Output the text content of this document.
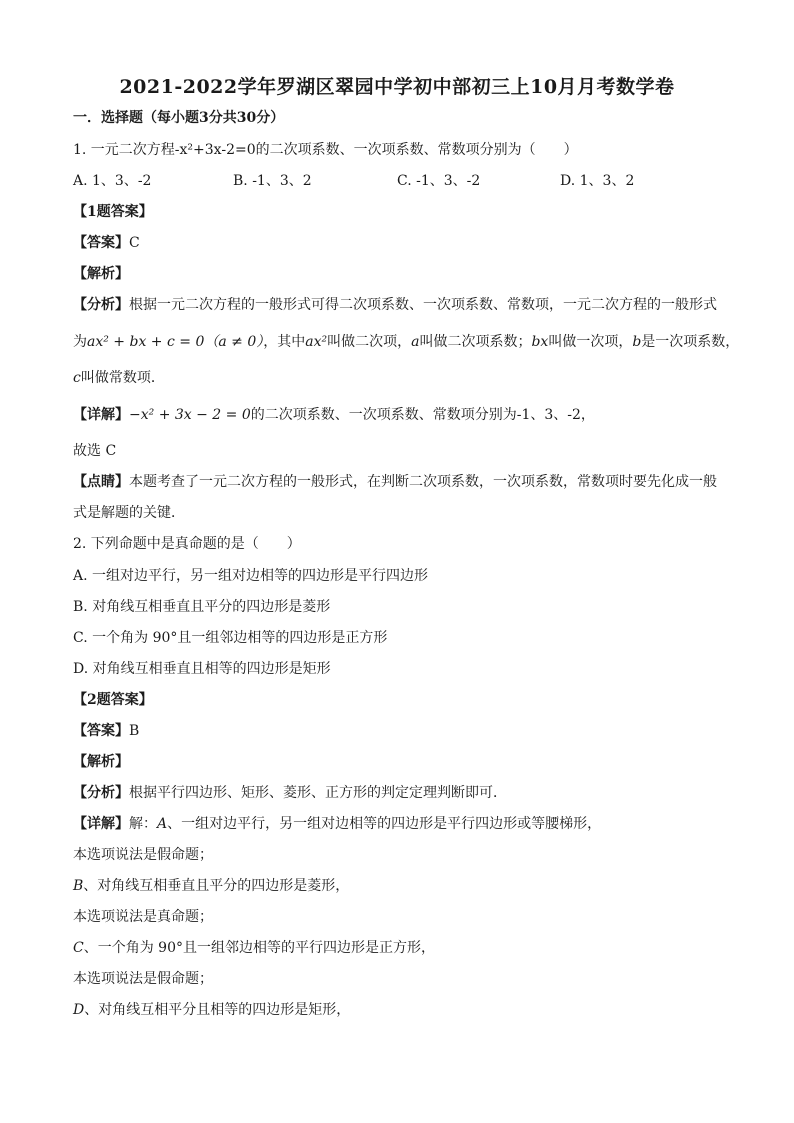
2021-2022学年罗湖区翠园中学初中部初三上10月月考数学卷
一．选择题（每小题3分共30分）
1. 一元二次方程-x²+3x-2=0的二次项系数、一次项系数、常数项分别为（　　）
A. 1、3、-2	B. -1、3、2	C. -1、3、-2	D. 1、3、2
【1题答案】
【答案】C
【解析】
【分析】根据一元二次方程的一般形式可得二次项系数、一次项系数、常数项，一元二次方程的一般形式
为ax² + bx + c = 0（a ≠ 0），其中ax²叫做二次项，a叫做二次项系数；bx叫做一次项，b是一次项系数，
c叫做常数项．
【详解】−x² + 3x − 2 = 0的二次项系数、一次项系数、常数项分别为-1、3、-2，
故选 C
【点睛】本题考查了一元二次方程的一般形式，在判断二次项系数，一次项系数，常数项时要先化成一般
式是解题的关键．
2. 下列命题中是真命题的是（　　）
A. 一组对边平行，另一组对边相等的四边形是平行四边形
B. 对角线互相垂直且平分的四边形是菱形
C. 一个角为 90°且一组邻边相等的四边形是正方形
D. 对角线互相垂直且相等的四边形是矩形
【2题答案】
【答案】B
【解析】
【分析】根据平行四边形、矩形、菱形、正方形的判定定理判断即可．
【详解】解：A、一组对边平行，另一组对边相等的四边形是平行四边形或等腰梯形，
本选项说法是假命题；
B、对角线互相垂直且平分的四边形是菱形，
本选项说法是真命题；
C、一个角为 90°且一组邻边相等的平行四边形是正方形，
本选项说法是假命题；
D、对角线互相平分且相等的四边形是矩形，
